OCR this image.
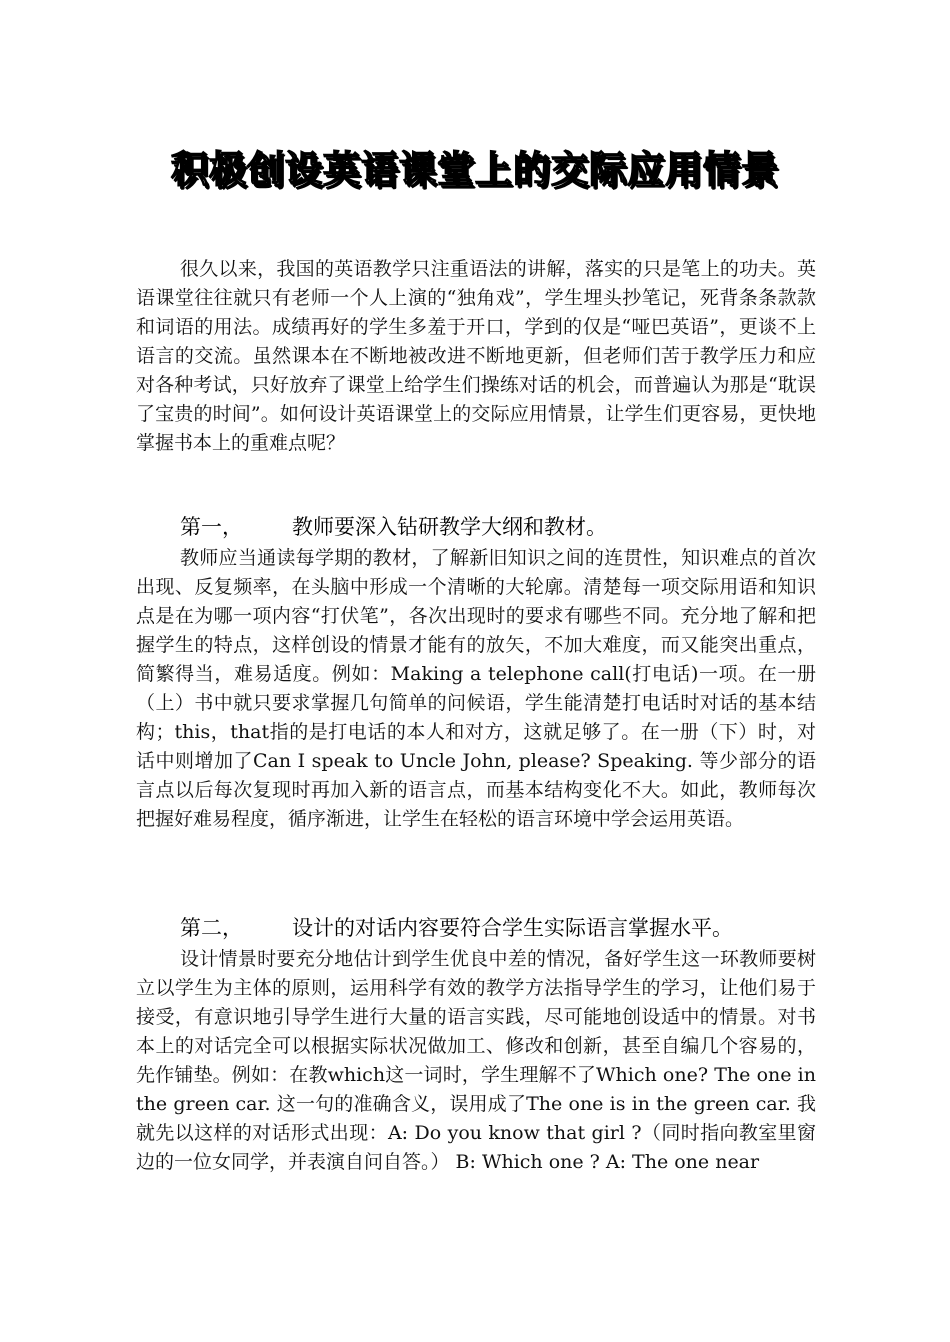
积极创设英语课堂上的交际应用情景

很久以来，我国的英语教学只注重语法的讲解，落实的只是笔上的功夫。英语课堂往往就只有老师一个人上演的“独角戏”，学生埋头抄笔记，死背条条款款和词语的用法。成绩再好的学生多羞于开口，学到的仅是“哑巴英语”，更谈不上语言的交流。虽然课本在不断地被改进不断地更新，但老师们苦于教学压力和应对各种考试，只好放弃了课堂上给学生们操练对话的机会，而普遍认为那是“耽误了宝贵的时间”。如何设计英语课堂上的交际应用情景，让学生们更容易，更快地掌握书本上的重难点呢？

第一， 教师要深入钻研教学大纲和教材。

教师应当通读每学期的教材，了解新旧知识之间的连贯性，知识难点的首次出现、反复频率，在头脑中形成一个清晰的大轮廓。清楚每一项交际用语和知识点是在为哪一项内容“打伏笔”，各次出现时的要求有哪些不同。充分地了解和把握学生的特点，这样创设的情景才能有的放矢，不加大难度，而又能突出重点，简繁得当，难易适度。例如：Making a telephone call(打电话)一项。在一册（上）书中就只要求掌握几句简单的问候语，学生能清楚打电话时对话的基本结构；this，that指的是打电话的本人和对方，这就足够了。在一册（下）时，对话中则增加了Can I speak to Uncle John, please? Speaking. 等少部分的语言点以后每次复现时再加入新的语言点，而基本结构变化不大。如此，教师每次把握好难易程度，循序渐进，让学生在轻松的语言环境中学会运用英语。

第二， 设计的对话内容要符合学生实际语言掌握水平。

设计情景时要充分地估计到学生优良中差的情况，备好学生这一环教师要树立以学生为主体的原则，运用科学有效的教学方法指导学生的学习，让他们易于接受，有意识地引导学生进行大量的语言实践，尽可能地创设适中的情景。对书本上的对话完全可以根据实际状况做加工、修改和创新，甚至自编几个容易的，先作铺垫。例如：在教which这一词时，学生理解不了Which one? The one in the green car. 这一句的准确含义，误用成了The one is in the green car. 我就先以这样的对话形式出现：A: Do you know that girl ?（同时指向教室里窗边的一位女同学，并表演自问自答。） B: Which one ? A: The one near
